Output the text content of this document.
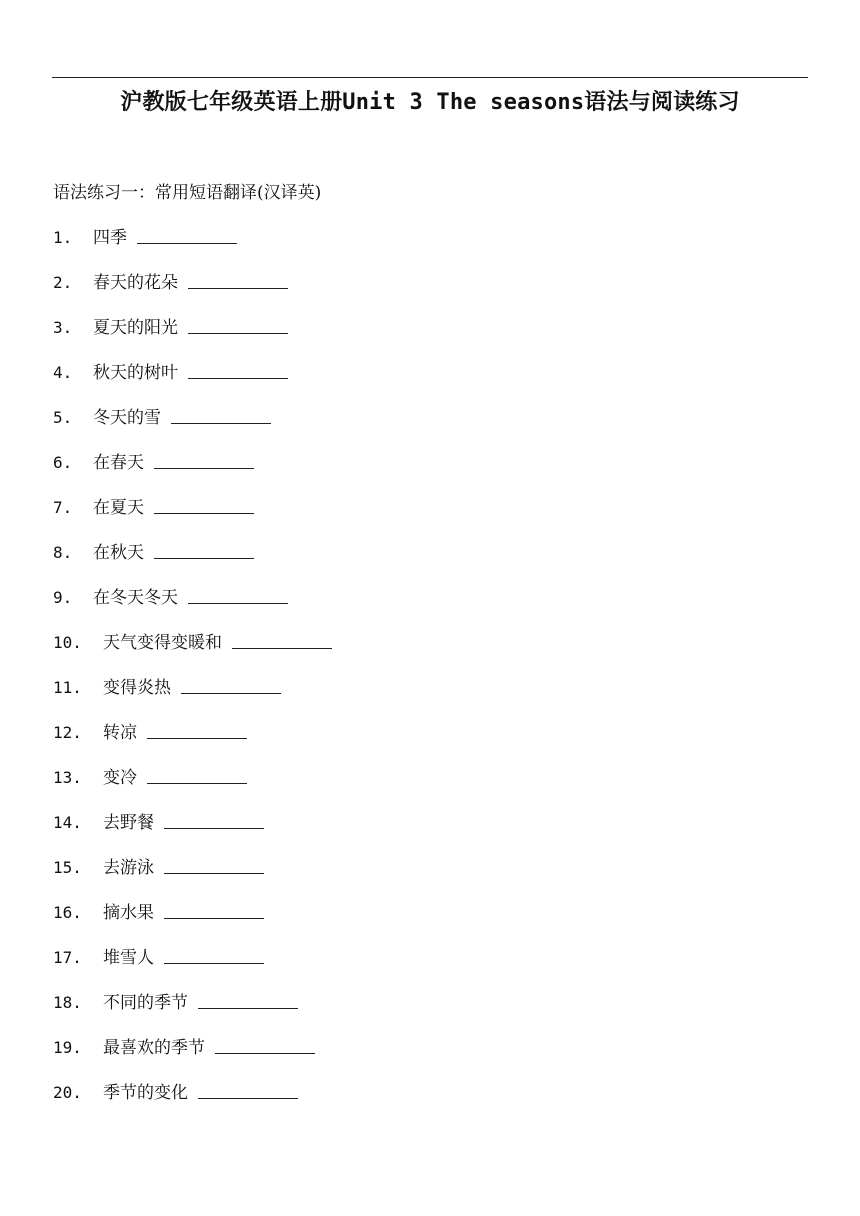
沪教版七年级英语上册Unit 3 The seasons语法与阅读练习
语法练习一：常用短语翻译(汉译英)
1.	四季
2.	春天的花朵
3.	夏天的阳光
4.	秋天的树叶
5.	冬天的雪
6.	在春天
7.	在夏天
8.	在秋天
9.	在冬天冬天
10.	天气变得变暖和
11.	变得炎热
12.	转凉
13.	变冷
14.	去野餐
15.	去游泳
16.	摘水果
17.	堆雪人
18.	不同的季节
19.	最喜欢的季节
20.	季节的变化
